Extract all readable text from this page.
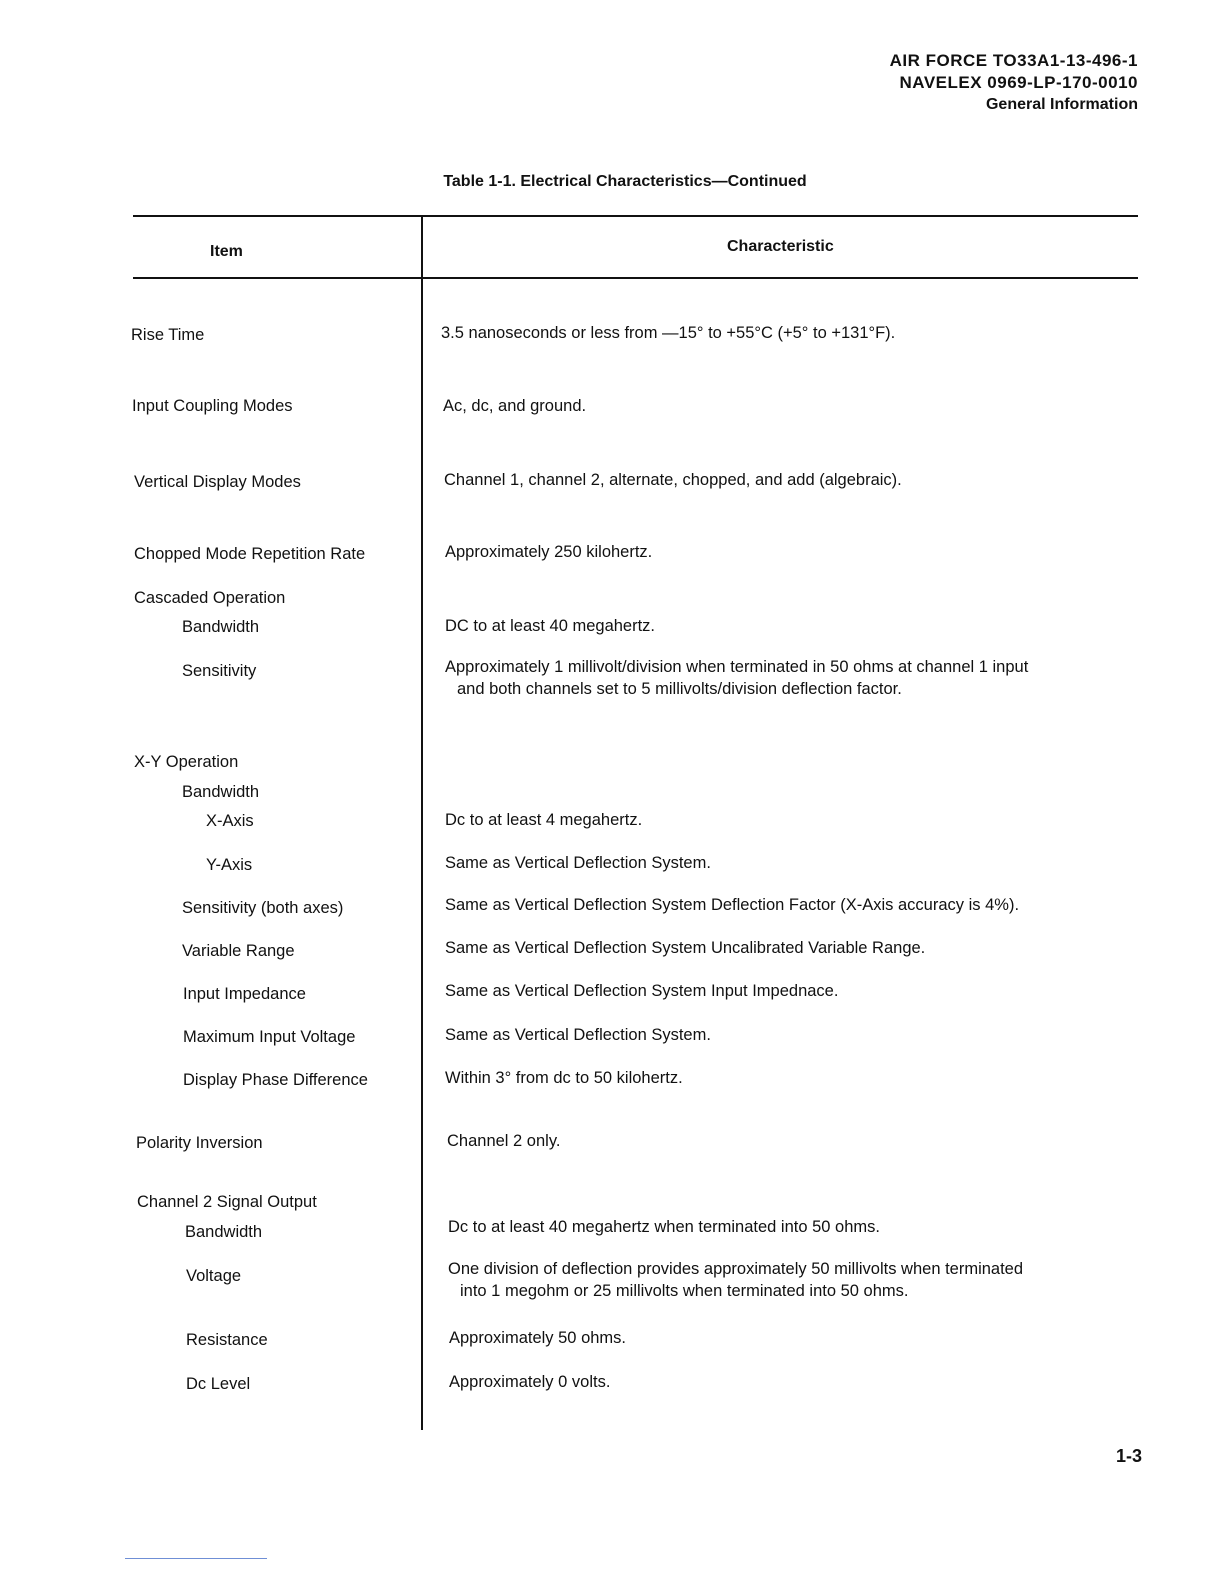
AIR FORCE TO33A1-13-496-1
NAVELEX 0969-LP-170-0010
General Information
Table 1-1. Electrical Characteristics—Continued
Item	Characteristic
Rise Time
Input Coupling Modes
Vertical Display Modes
Chopped Mode Repetition Rate
Cascaded Operation
Bandwidth
Sensitivity
X-Y Operation
Bandwidth
X-Axis
Y-Axis
Sensitivity (both axes)
Variable Range
Input Impedance
Maximum Input Voltage
Display Phase Difference
Polarity Inversion
Channel 2 Signal Output
Bandwidth
Voltage
Resistance
Dc Level
3.5 nanoseconds or less from —15° to +55°C (+5° to +131°F).
Ac, dc, and ground.
Channel 1, channel 2, alternate, chopped, and add (algebraic).
Approximately 250 kilohertz.
DC to at least 40 megahertz.
Approximately 1 millivolt/division when terminated in 50 ohms at channel 1 input
and both channels set to 5 millivolts/division deflection factor.
Dc to at least 4 megahertz.
Same as Vertical Deflection System.
Same as Vertical Deflection System Deflection Factor (X-Axis accuracy is 4%).
Same as Vertical Deflection System Uncalibrated Variable Range.
Same as Vertical Deflection System Input Impednace.
Same as Vertical Deflection System.
Within 3° from dc to 50 kilohertz.
Channel 2 only.
Dc to at least 40 megahertz when terminated into 50 ohms.
One division of deflection provides approximately 50 millivolts when terminated
into 1 megohm or 25 millivolts when terminated into 50 ohms.
Approximately 50 ohms.
Approximately 0 volts.
1-3
